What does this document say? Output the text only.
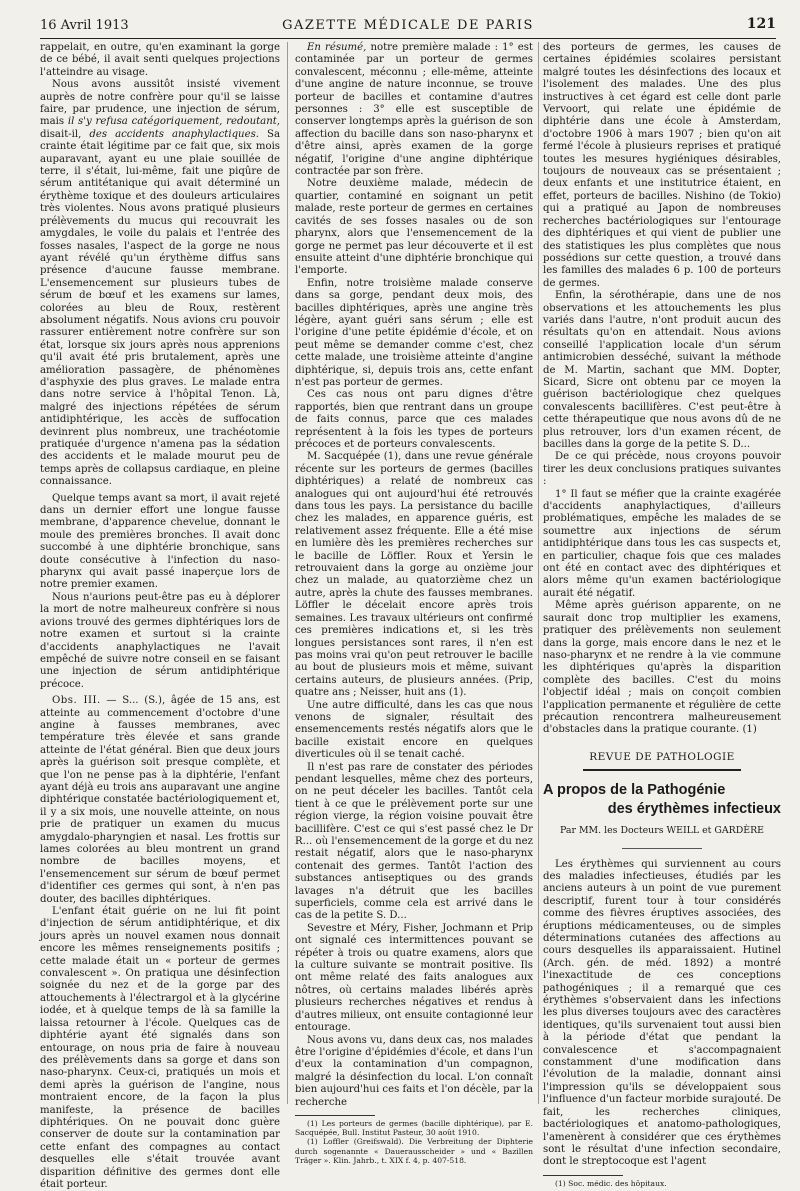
16 Avril 1913	GAZETTE MÉDICALE DE PARIS	121

rappelait, en outre, qu'en examinant la gorge de ce bébé, il avait senti quelques projections l'atteindre au visage.

Nous avons aussitôt insisté vivement auprès de notre confrère pour qu'il se laisse faire, par prudence, une injection de sérum, mais il s'y refusa catégoriquement, redoutant, disait-il, des accidents anaphylactiques. Sa crainte était légitime par ce fait que, six mois auparavant, ayant eu une plaie souillée de terre, il s'était, lui-même, fait une piqûre de sérum antitétanique qui avait déterminé un érythème toxique et des douleurs articulaires très violentes. Nous avons pratiqué plusieurs prélèvements du mucus qui recouvrait les amygdales, le voile du palais et l'entrée des fosses nasales, l'aspect de la gorge ne nous ayant révélé qu'un érythème diffus sans présence d'aucune fausse membrane. L'ensemencement sur plusieurs tubes de sérum de bœuf et les examens sur lames, colorées au bleu de Roux, restèrent absolument négatifs. Nous avions cru pouvoir rassurer entièrement notre confrère sur son état, lorsque six jours après nous apprenions qu'il avait été pris brutalement, après une amélioration passagère, de phénomènes d'asphyxie des plus graves. Le malade entra dans notre service à l'hôpital Tenon. Là, malgré des injections répétées de sérum antidiphtérique, les accès de suffocation devinrent plus nombreux, une trachéotomie pratiquée d'urgence n'amena pas la sédation des accidents et le malade mourut peu de temps après de collapsus cardiaque, en pleine connaissance.

Quelque temps avant sa mort, il avait rejeté dans un dernier effort une longue fausse membrane, d'apparence chevelue, donnant le moule des premières bronches. Il avait donc succombé à une diphtérie bronchique, sans doute consécutive à l'infection du naso-pharynx qui avait passé inaperçue lors de notre premier examen.

Nous n'aurions peut-être pas eu à déplorer la mort de notre malheureux confrère si nous avions trouvé des germes diphtériques lors de notre examen et surtout si la crainte d'accidents anaphylactiques ne l'avait empêché de suivre notre conseil en se faisant une injection de sérum antidiphtérique précoce.

Obs. III. — S... (S.), âgée de 15 ans, est atteinte au commencement d'octobre d'une angine à fausses membranes, avec température très élevée et sans grande atteinte de l'état général. Bien que deux jours après la guérison soit presque complète, et que l'on ne pense pas à la diphtérie, l'enfant ayant déjà eu trois ans auparavant une angine diphtérique constatée bactériologiquement et, il y a six mois, une nouvelle atteinte, on nous prie de pratiquer un examen du mucus amygdalo-pharyngien et nasal. Les frottis sur lames colorées au bleu montrent un grand nombre de bacilles moyens, et l'ensemencement sur sérum de bœuf permet d'identifier ces germes qui sont, à n'en pas douter, des bacilles diphtériques.

L'enfant était guérie on ne lui fit point d'injection de sérum antidiphtérique, et dix jours après un nouvel examen nous donnait encore les mêmes renseignements positifs ; cette malade était un « porteur de germes convalescent ». On pratiqua une désinfection soignée du nez et de la gorge par des attouchements à l'électrargol et à la glycérine iodée, et à quelque temps de là sa famille la laissa retourner à l'école. Quelques cas de diphtérie ayant été signalés dans son entourage, on nous pria de faire à nouveau des prélèvements dans sa gorge et dans son naso-pharynx. Ceux-ci, pratiqués un mois et demi après la guérison de l'angine, nous montraient encore, de la façon la plus manifeste, la présence de bacilles diphtériques. On ne pouvait donc guère conserver de doute sur la contamination par cette enfant des compagnes au contact desquelles elle s'était trouvée avant disparition définitive des germes dont elle était porteur.

En résumé, notre première malade : 1° est contaminée par un porteur de germes convalescent, méconnu ; elle-même, atteinte d'une angine de nature inconnue, se trouve porteur de bacilles et contamine d'autres personnes : 3° elle est susceptible de conserver longtemps après la guérison de son affection du bacille dans son naso-pharynx et d'être ainsi, après examen de la gorge négatif, l'origine d'une angine diphtérique contractée par son frère.

Notre deuxième malade, médecin de quartier, contaminé en soignant un petit malade, reste porteur de germes en certaines cavités de ses fosses nasales ou de son pharynx, alors que l'ensemencement de la gorge ne permet pas leur découverte et il est ensuite atteint d'une diphtérie bronchique qui l'emporte.

Enfin, notre troisième malade conserve dans sa gorge, pendant deux mois, des bacilles diphtériques, après une angine très légère, ayant guéri sans sérum ; elle est l'origine d'une petite épidémie d'école, et on peut même se demander comme c'est, chez cette malade, une troisième atteinte d'angine diphtérique, si, depuis trois ans, cette enfant n'est pas porteur de germes.

Ces cas nous ont paru dignes d'être rapportés, bien que rentrant dans un groupe de faits connus, parce que ces malades représentent à la fois les types de porteurs précoces et de porteurs convalescents.

M. Sacquépée (1), dans une revue générale récente sur les porteurs de germes (bacilles diphtériques) a relaté de nombreux cas analogues qui ont aujourd'hui été retrouvés dans tous les pays. La persistance du bacille chez les malades, en apparence guéris, est relativement assez fréquente. Elle a été mise en lumière dès les premières recherches sur le bacille de Löffler. Roux et Yersin le retrouvaient dans la gorge au onzième jour chez un malade, au quatorzième chez un autre, après la chute des fausses membranes. Löffler le décelait encore après trois semaines. Les travaux ultérieurs ont confirmé ces premières indications et, si les très longues persistances sont rares, il n'en est pas moins vrai qu'on peut retrouver le bacille au bout de plusieurs mois et même, suivant certains auteurs, de plusieurs années. (Prip, quatre ans ; Neisser, huit ans (1).

Une autre difficulté, dans les cas que nous venons de signaler, résultait des ensemencements restés négatifs alors que le bacille existait encore en quelques diverticules où il se tenait caché.

Il n'est pas rare de constater des périodes pendant lesquelles, même chez des porteurs, on ne peut déceler les bacilles. Tantôt cela tient à ce que le prélèvement porte sur une région vierge, la région voisine pouvait être bacillifère. C'est ce qui s'est passé chez le Dr R... où l'ensemencement de la gorge et du nez restait négatif, alors que le naso-pharynx contenait des germes. Tantôt l'action des substances antiseptiques ou des grands lavages n'a détruit que les bacilles superficiels, comme cela est arrivé dans le cas de la petite S. D...

Sevestre et Méry, Fisher, Jochmann et Prip ont signalé ces intermittences pouvant se répéter à trois ou quatre examens, alors que la culture suivante se montrait positive. Ils ont même relaté des faits analogues aux nôtres, où certains malades libérés après plusieurs recherches négatives et rendus à d'autres milieux, ont ensuite contagionné leur entourage.

Nous avons vu, dans deux cas, nos malades être l'origine d'épidémies d'école, et dans l'un d'eux la contamination d'un compagnon, malgré la désinfection du local. L'on connaît bien aujourd'hui ces faits et l'on décèle, par la recherche

(1) Les porteurs de germes (bacille diphtérique), par E. Sacquépée, Bull. Institut Pasteur, 30 août 1910.

(1) Loffler (Greifswald). Die Verbreitung der Diphterie durch sogenannte « Dauerausscheider » und « Bazillen Träger ». Klin. Jahrb., t. XIX f. 4, p. 407-518.

des porteurs de germes, les causes de certaines épidémies scolaires persistant malgré toutes les désinfections des locaux et l'isolement des malades. Une des plus instructives à cet égard est celle dont parle Vervoort, qui relate une épidémie de diphtérie dans une école à Amsterdam, d'octobre 1906 à mars 1907 ; bien qu'on ait fermé l'école à plusieurs reprises et pratiqué toutes les mesures hygiéniques désirables, toujours de nouveaux cas se présentaient ; deux enfants et une institutrice étaient, en effet, porteurs de bacilles. Nishino (de Tokio) qui a pratiqué au Japon de nombreuses recherches bactériologiques sur l'entourage des diphtériques et qui vient de publier une des statistiques les plus complètes que nous possédions sur cette question, a trouvé dans les familles des malades 6 p. 100 de porteurs de germes.

Enfin, la sérothérapie, dans une de nos observations et les attouchements les plus variés dans l'autre, n'ont produit aucun des résultats qu'on en attendait. Nous avions conseillé l'application locale d'un sérum antimicrobien desséché, suivant la méthode de M. Martin, sachant que MM. Dopter, Sicard, Sicre ont obtenu par ce moyen la guérison bactériologique chez quelques convalescents bacillifères. C'est peut-être à cette thérapeutique que nous avons dû de ne plus retrouver, lors d'un examen récent, de bacilles dans la gorge de la petite S. D...

De ce qui précède, nous croyons pouvoir tirer les deux conclusions pratiques suivantes :

1° Il faut se méfier que la crainte exagérée d'accidents anaphylactiques, d'ailleurs problématiques, empêche les malades de se soumettre aux injections de sérum antidiphtérique dans tous les cas suspects et, en particulier, chaque fois que ces malades ont été en contact avec des diphtériques et alors même qu'un examen bactériologique aurait été négatif.

Même après guérison apparente, on ne saurait donc trop multiplier les examens, pratiquer des prélèvements non seulement dans la gorge, mais encore dans le nez et le naso-pharynx et ne rendre à la vie commune les diphtériques qu'après la disparition complète des bacilles. C'est du moins l'objectif idéal ; mais on conçoit combien l'application permanente et régulière de cette précaution rencontrera malheureusement d'obstacles dans la pratique courante. (1)

REVUE DE PATHOLOGIE
A propos de la Pathogénie
des érythèmes infectieux
Par MM. les Docteurs WEILL et GARDÈRE

Les érythèmes qui surviennent au cours des maladies infectieuses, étudiés par les anciens auteurs à un point de vue purement descriptif, furent tour à tour considérés comme des fièvres éruptives associées, des éruptions médicamenteuses, ou de simples déterminations cutanées des affections au cours desquelles ils apparaissaient. Hutinel (Arch. gén. de méd. 1892) a montré l'inexactitude de ces conceptions pathogéniques ; il a remarqué que ces érythèmes s'observaient dans les infections les plus diverses toujours avec des caractères identiques, qu'ils survenaient tout aussi bien à la période d'état que pendant la convalescence et s'accompagnaient constamment d'une modification dans l'évolution de la maladie, donnant ainsi l'impression qu'ils se développaient sous l'influence d'un facteur morbide surajouté. De fait, les recherches cliniques, bactériologiques et anatomo-pathologiques, l'amenèrent à considérer que ces érythèmes sont le résultat d'une infection secondaire, dont le streptocoque est l'agent

(1) Soc. médic. des hôpitaux.
